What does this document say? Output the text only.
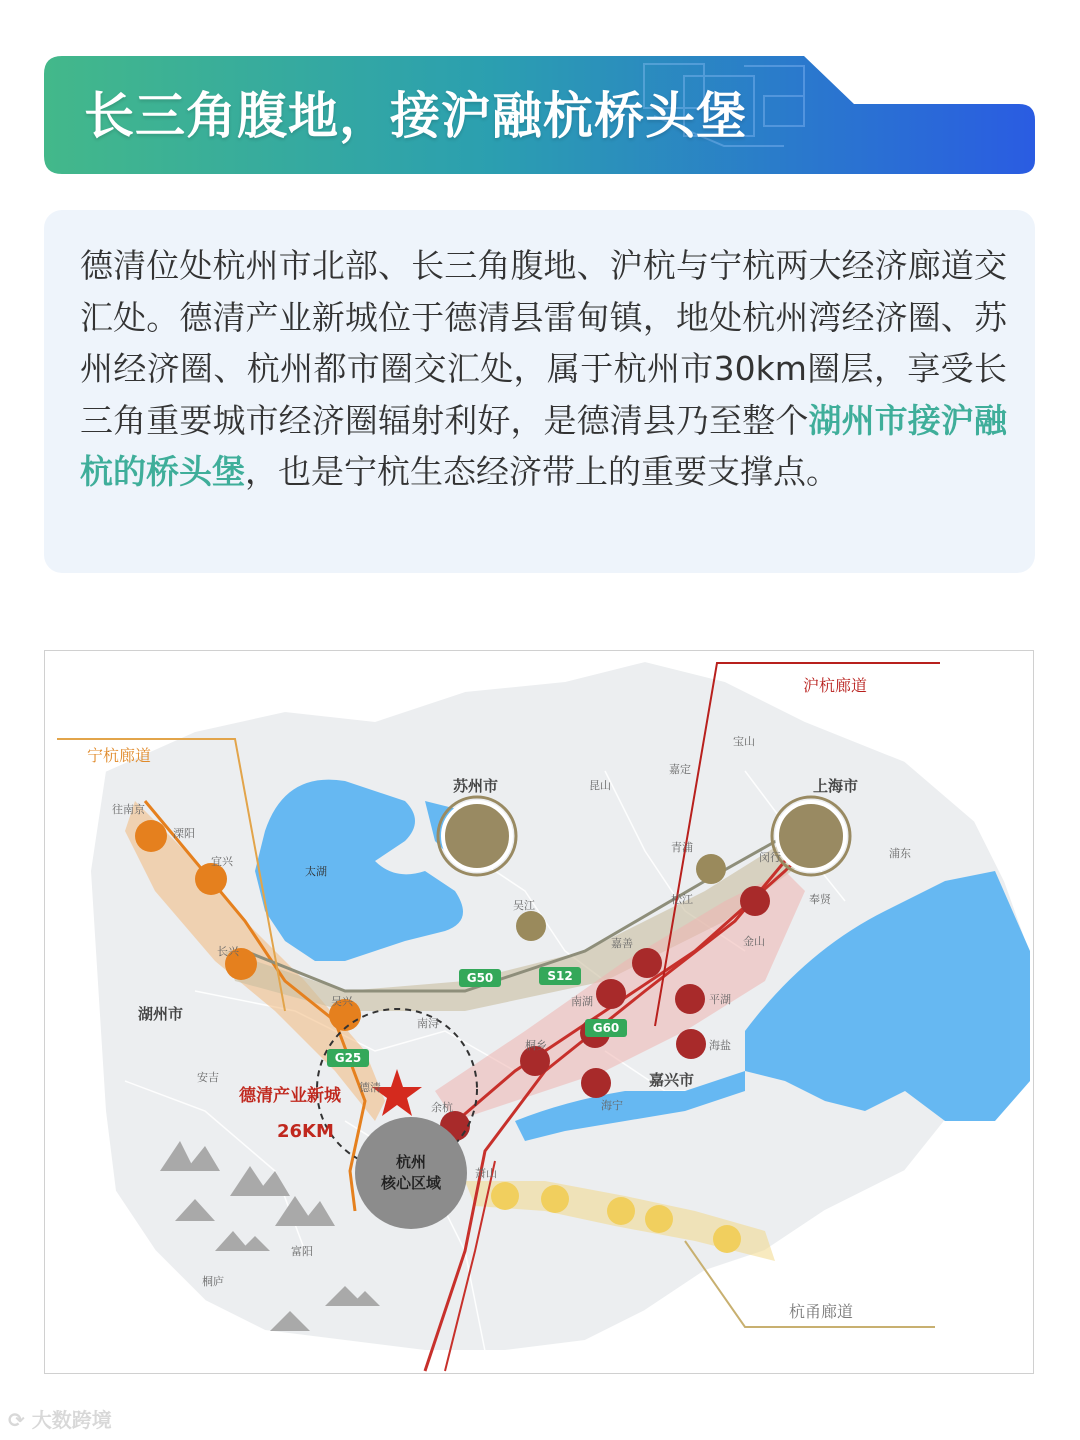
长三角腹地，接沪融杭桥头堡
德清位处杭州市北部、长三角腹地、沪杭与宁杭两大经济廊道交汇处。德清产业新城位于德清县雷甸镇，地处杭州湾经济圈、苏州经济圈、杭州都市圈交汇处，属于杭州市30km圈层，享受长三角重要城市经济圈辐射利好，是德清县乃至整个湖州市接沪融杭的桥头堡，也是宁杭生态经济带上的重要支撑点。
沪杭廊道
宁杭廊道
杭甬廊道
苏州市	上海市
湖州市
嘉兴市
往南京
溧阳
宜兴
长兴
太湖
昆山
宝山
嘉定
青浦
闵行	浦东
吴江	松江	奉贤
金山
嘉善
平湖
南湖
南浔
吴兴
桐乡	海盐
海宁
安吉
德清
余杭
萧山
富阳
桐庐
G50	S12
G60
G25
德清产业新城
26KM
杭州
核心区域
⟳ 大数跨境
